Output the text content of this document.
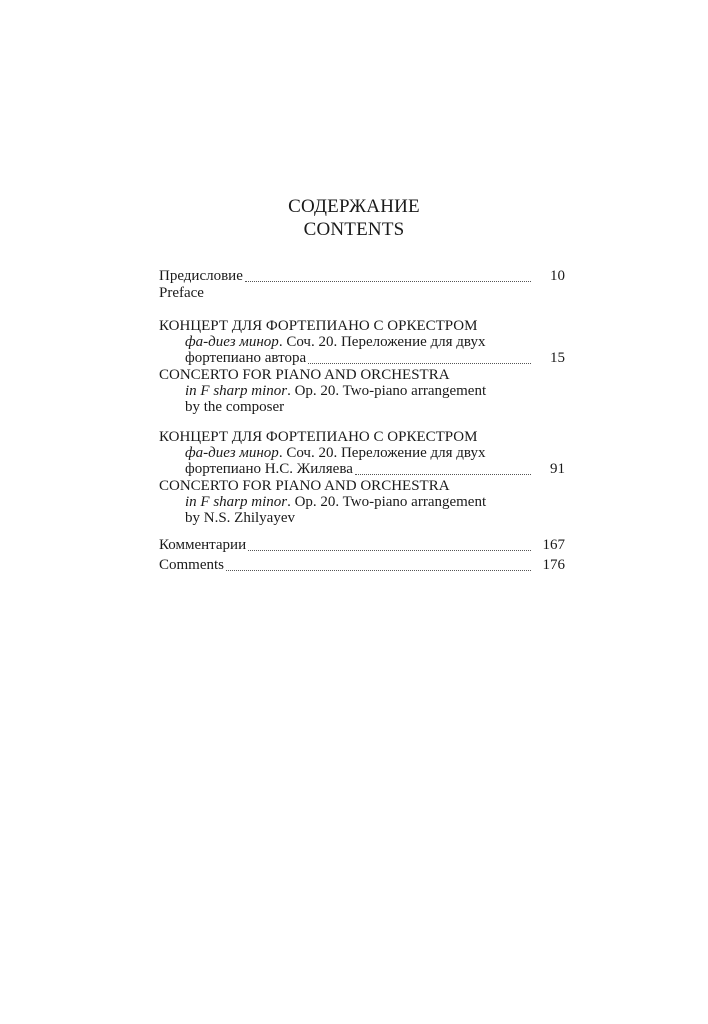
СОДЕРЖАНИЕ
CONTENTS
Предисловие	10
Preface
КОНЦЕРТ ДЛЯ ФОРТЕПИАНО С ОРКЕСТРОМ
фа-диез минор. Соч. 20. Переложение для двух
фортепиано автора	15
CONCERTO FOR PIANO AND ORCHESTRA
in F sharp minor. Op. 20. Two-piano arrangement
by the composer
КОНЦЕРТ ДЛЯ ФОРТЕПИАНО С ОРКЕСТРОМ
фа-диез минор. Соч. 20. Переложение для двух
фортепиано Н.С. Жиляева	91
CONCERTO FOR PIANO AND ORCHESTRA
in F sharp minor. Op. 20. Two-piano arrangement
by N.S. Zhilyayev
Комментарии	167
Comments	176
